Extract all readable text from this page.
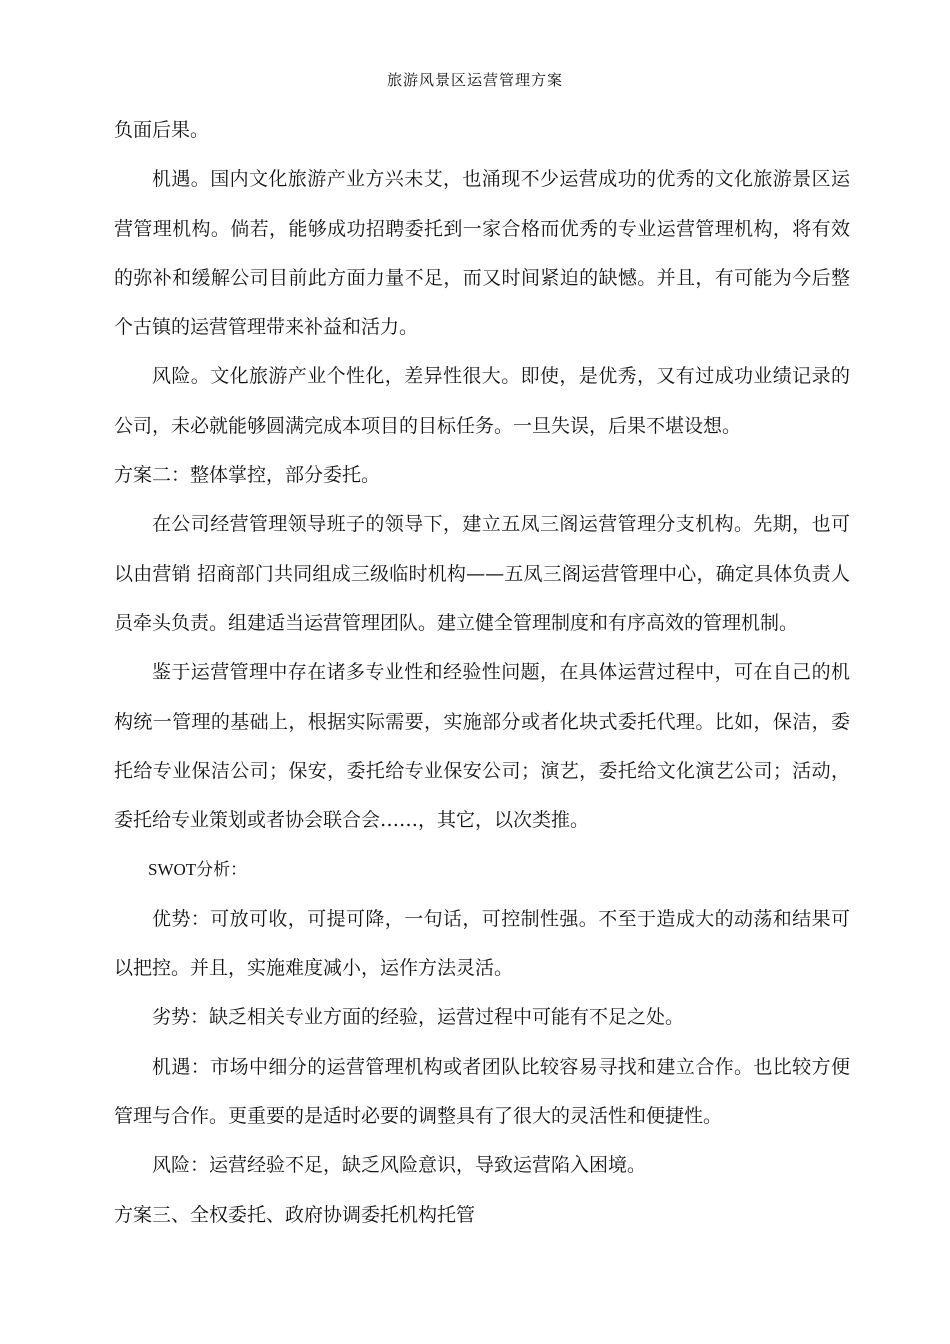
旅游风景区运营管理方案

负面后果。

机遇。国内文化旅游产业方兴未艾，也涌现不少运营成功的优秀的文化旅游景区运营管理机构。倘若，能够成功招聘委托到一家合格而优秀的专业运营管理机构，将有效的弥补和缓解公司目前此方面力量不足，而又时间紧迫的缺憾。并且，有可能为今后整个古镇的运营管理带来补益和活力。

风险。文化旅游产业个性化，差异性很大。即使，是优秀，又有过成功业绩记录的公司，未必就能够圆满完成本项目的目标任务。一旦失误，后果不堪设想。

方案二：整体掌控，部分委托。

在公司经营管理领导班子的领导下，建立五凤三阁运营管理分支机构。先期，也可以由营销 招商部门共同组成三级临时机构——五凤三阁运营管理中心，确定具体负责人员牵头负责。组建适当运营管理团队。建立健全管理制度和有序高效的管理机制。

鉴于运营管理中存在诸多专业性和经验性问题，在具体运营过程中，可在自己的机构统一管理的基础上，根据实际需要，实施部分或者化块式委托代理。比如，保洁，委托给专业保洁公司；保安，委托给专业保安公司；演艺，委托给文化演艺公司；活动，委托给专业策划或者协会联合会……，其它，以次类推。

SWOT分析：

优势：可放可收，可提可降，一句话，可控制性强。不至于造成大的动荡和结果可以把控。并且，实施难度减小，运作方法灵活。

劣势：缺乏相关专业方面的经验，运营过程中可能有不足之处。

机遇：市场中细分的运营管理机构或者团队比较容易寻找和建立合作。也比较方便管理与合作。更重要的是适时必要的调整具有了很大的灵活性和便捷性。

风险：运营经验不足，缺乏风险意识，导致运营陷入困境。

方案三、全权委托、政府协调委托机构托管
